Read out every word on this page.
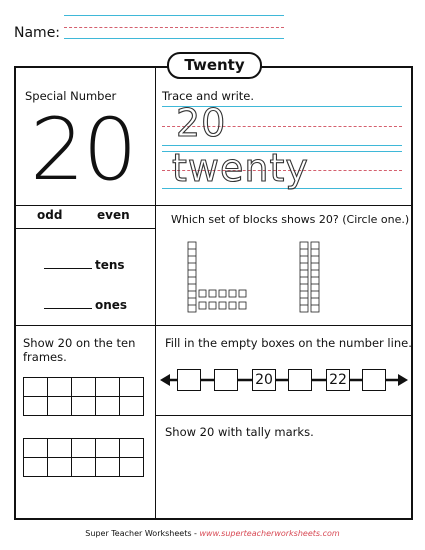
Name:
Twenty
Special Number
20
Trace and write.
20
twenty
odd	even
tens
ones
Which set of blocks shows 20? (Circle one.)
Show 20 on the ten frames.

Fill in the empty boxes on the number line.
20	22
Show 20 with tally marks.
Super Teacher Worksheets - www.superteacherworksheets.com
